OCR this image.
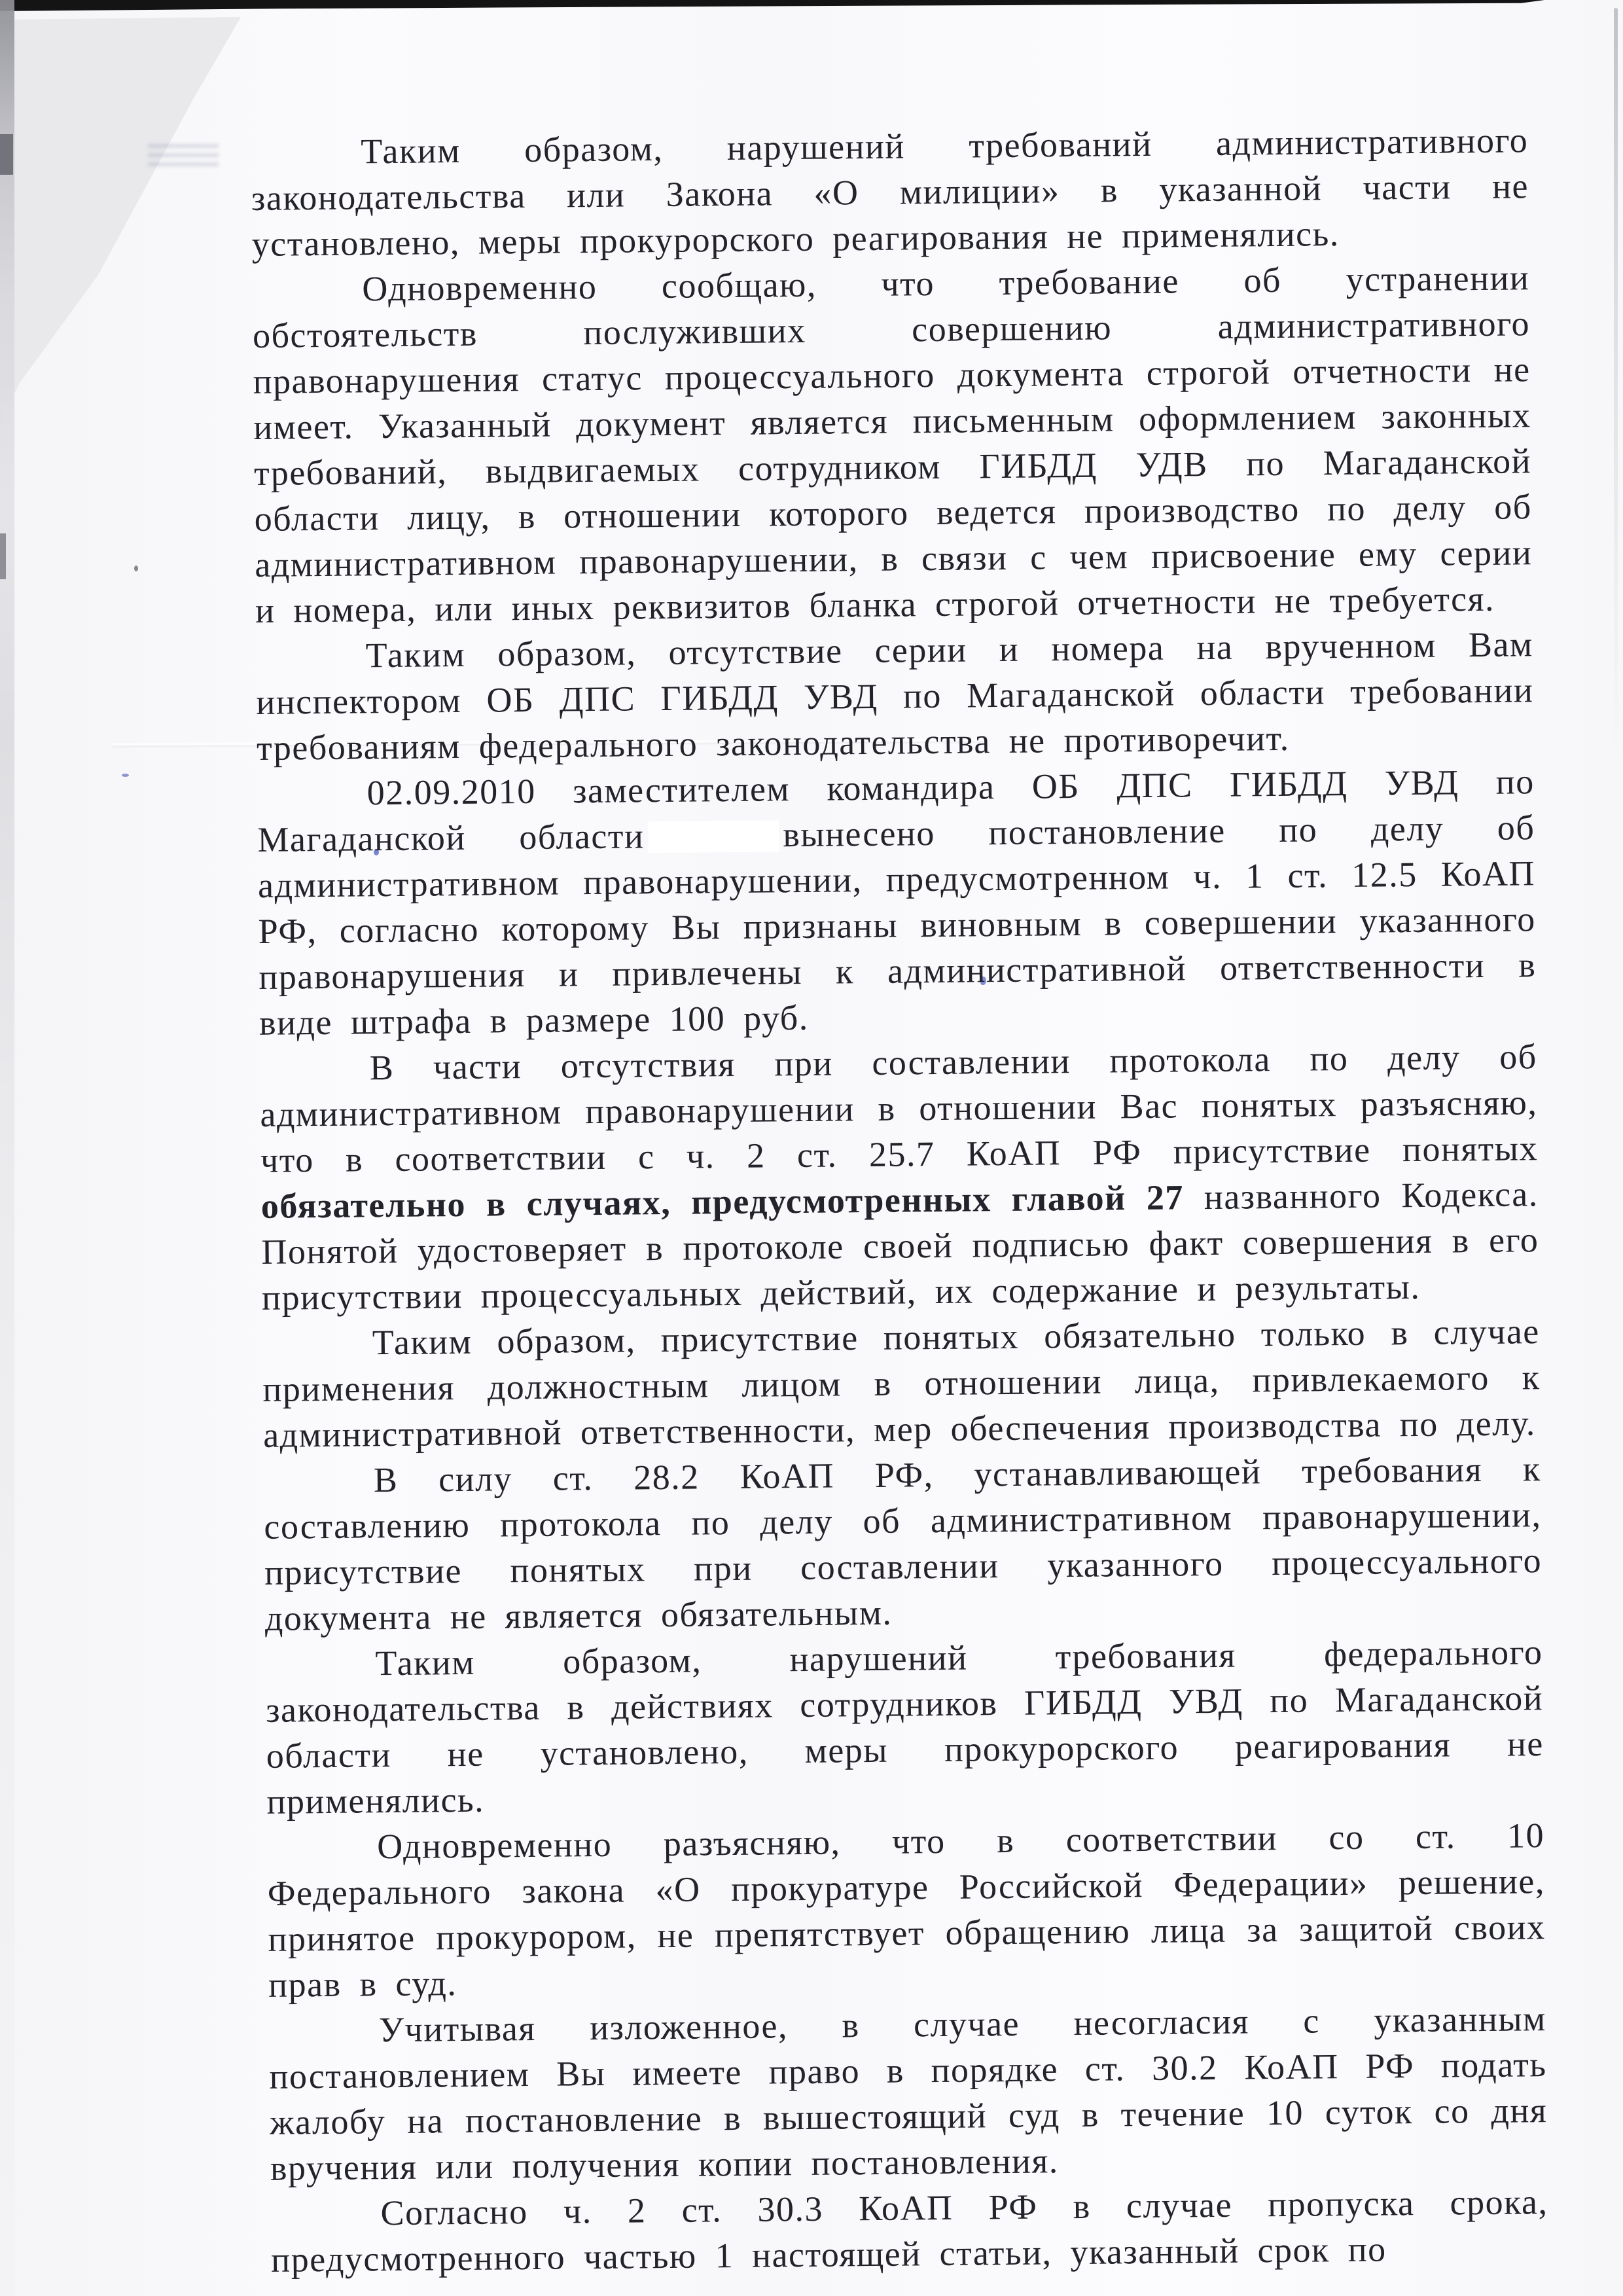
Таким образом, нарушений требований административного законодательства или Закона «О милиции» в указанной части не установлено, меры прокурорского реагирования не применялись.

Одновременно сообщаю, что требование об устранении обстоятельств послуживших совершению административного правонарушения статус процессуального документа строгой отчетности не имеет. Указанный документ является письменным оформлением законных требований, выдвигаемых сотрудником ГИБДД УДВ по Магаданской области лицу, в отношении которого ведется производство по делу об административном правонарушении, в связи с чем присвоение ему серии и номера, или иных реквизитов бланка строгой отчетности не требуется.

Таким образом, отсутствие серии и номера на врученном Вам инспектором ОБ ДПС ГИБДД УВД по Магаданской области требовании требованиям федерального законодательства не противоречит.

02.09.2010 заместителем командира ОБ ДПС ГИБДД УВД по Магаданской области	вынесено постановление по делу об административном правонарушении, предусмотренном ч. 1 ст. 12.5 КоАП РФ, согласно которому Вы признаны виновным в совершении указанного правонарушения и привлечены к административной ответственности в виде штрафа в размере 100 руб.

В части отсутствия при составлении протокола по делу об административном правонарушении в отношении Вас понятых разъясняю, что в соответствии с ч. 2 ст. 25.7 КоАП РФ присутствие понятых обязательно в случаях, предусмотренных главой 27 названного Кодекса. Понятой удостоверяет в протоколе своей подписью факт совершения в его присутствии процессуальных действий, их содержание и результаты.

Таким образом, присутствие понятых обязательно только в случае применения должностным лицом в отношении лица, привлекаемого к административной ответственности, мер обеспечения производства по делу.

В силу ст. 28.2 КоАП РФ, устанавливающей требования к составлению протокола по делу об административном правонарушении, присутствие понятых при составлении указанного процессуального документа не является обязательным.

Таким образом, нарушений требования федерального законодательства в действиях сотрудников ГИБДД УВД по Магаданской области не установлено, меры прокурорского реагирования не применялись.

Одновременно разъясняю, что в соответствии со ст. 10 Федерального закона «О прокуратуре Российской Федерации» решение, принятое прокурором, не препятствует обращению лица за защитой своих прав в суд.

Учитывая изложенное, в случае несогласия с указанным постановлением Вы имеете право в порядке ст. 30.2 КоАП РФ подать жалобу на постановление в вышестоящий суд в течение 10 суток со дня вручения или получения копии постановления.

Согласно ч. 2 ст. 30.3 КоАП РФ в случае пропуска срока, предусмотренного частью 1 настоящей статьи, указанный срок по
